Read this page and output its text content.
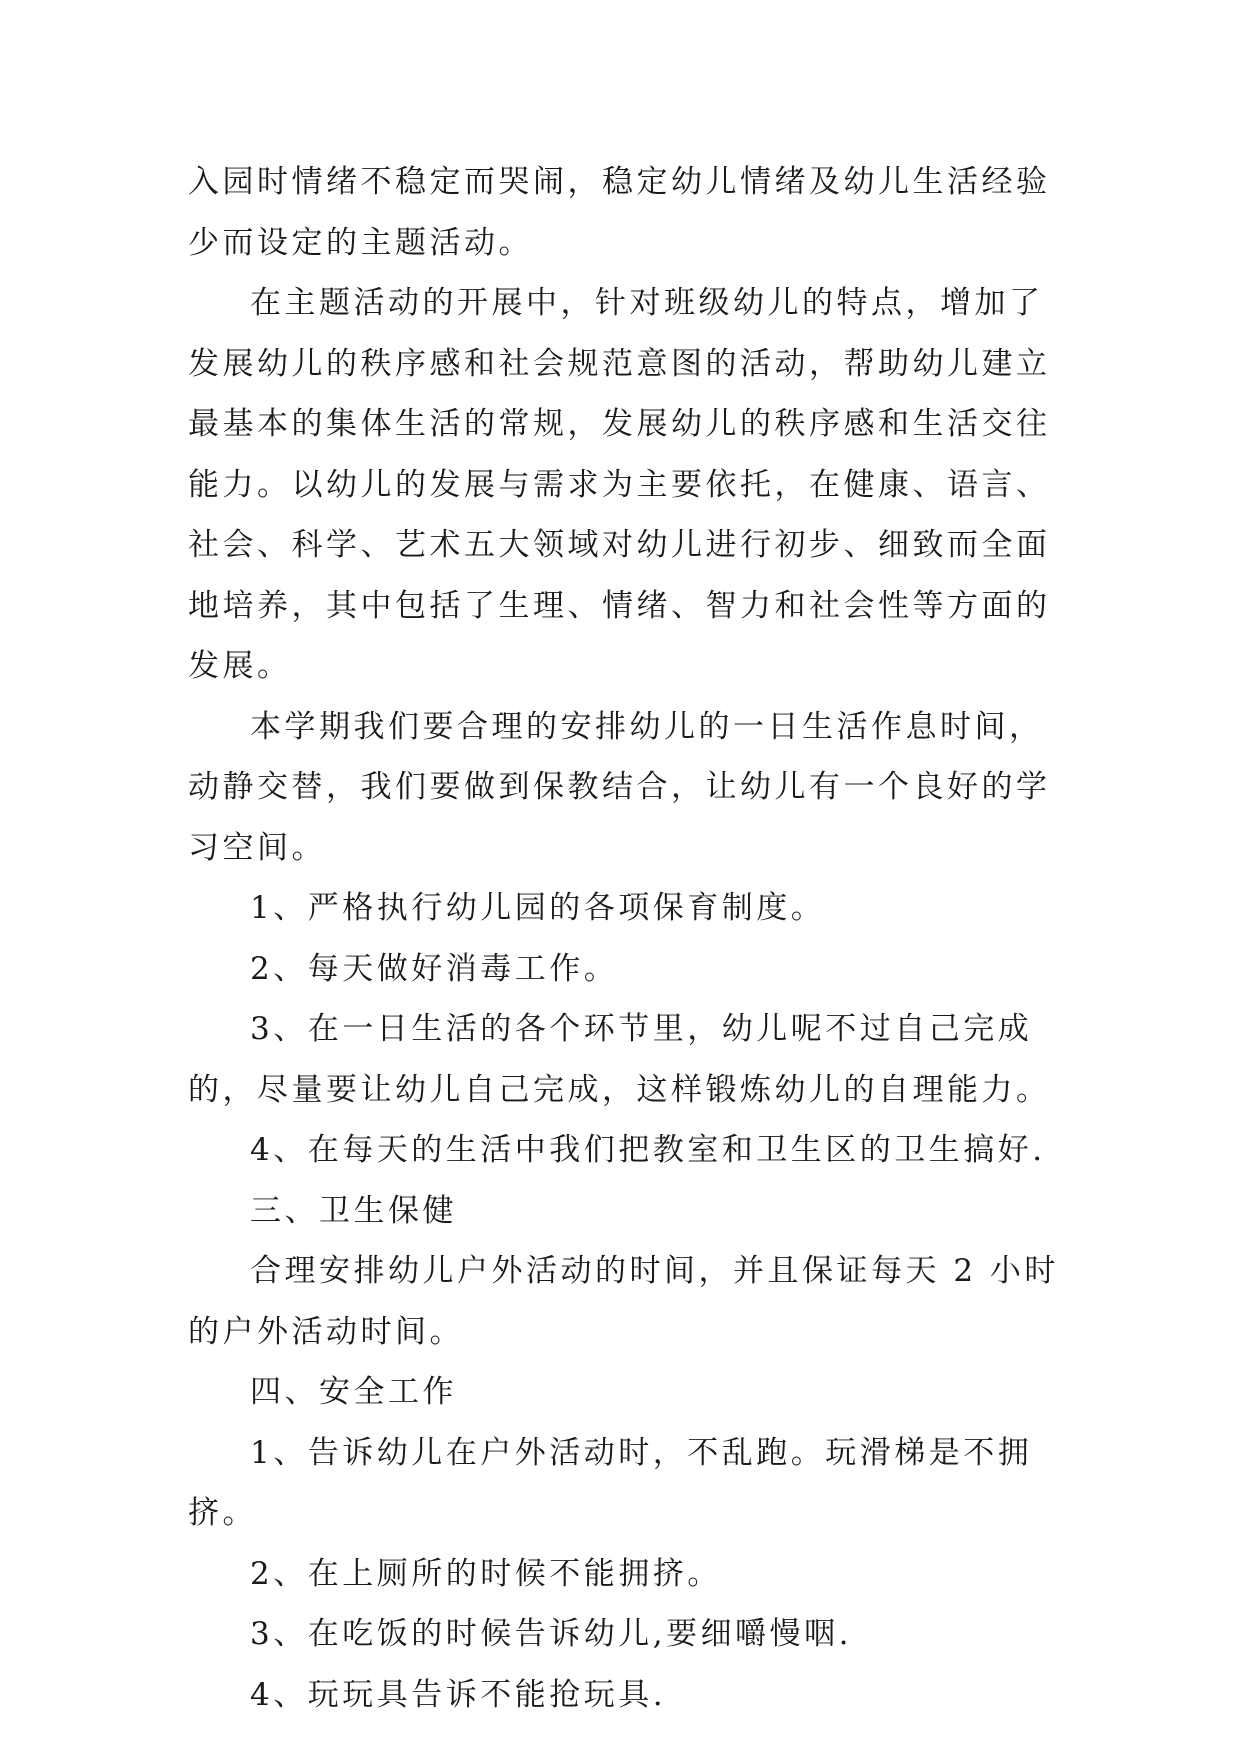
入园时情绪不稳定而哭闹，稳定幼儿情绪及幼儿生活经验少而设定的主题活动。

在主题活动的开展中，针对班级幼儿的特点，增加了发展幼儿的秩序感和社会规范意图的活动，帮助幼儿建立最基本的集体生活的常规，发展幼儿的秩序感和生活交往能力。以幼儿的发展与需求为主要依托，在健康、语言、社会、科学、艺术五大领域对幼儿进行初步、细致而全面地培养，其中包括了生理、情绪、智力和社会性等方面的发展。

本学期我们要合理的安排幼儿的一日生活作息时间，动静交替，我们要做到保教结合，让幼儿有一个良好的学习空间。

1、严格执行幼儿园的各项保育制度。

2、每天做好消毒工作。

3、在一日生活的各个环节里，幼儿呢不过自己完成的，尽量要让幼儿自己完成，这样锻炼幼儿的自理能力。

4、在每天的生活中我们把教室和卫生区的卫生搞好.

三、卫生保健

合理安排幼儿户外活动的时间，并且保证每天 2 小时的户外活动时间。

四、安全工作

1、告诉幼儿在户外活动时，不乱跑。玩滑梯是不拥挤。

2、在上厕所的时候不能拥挤。

3、在吃饭的时候告诉幼儿,要细嚼慢咽.

4、玩玩具告诉不能抢玩具.
